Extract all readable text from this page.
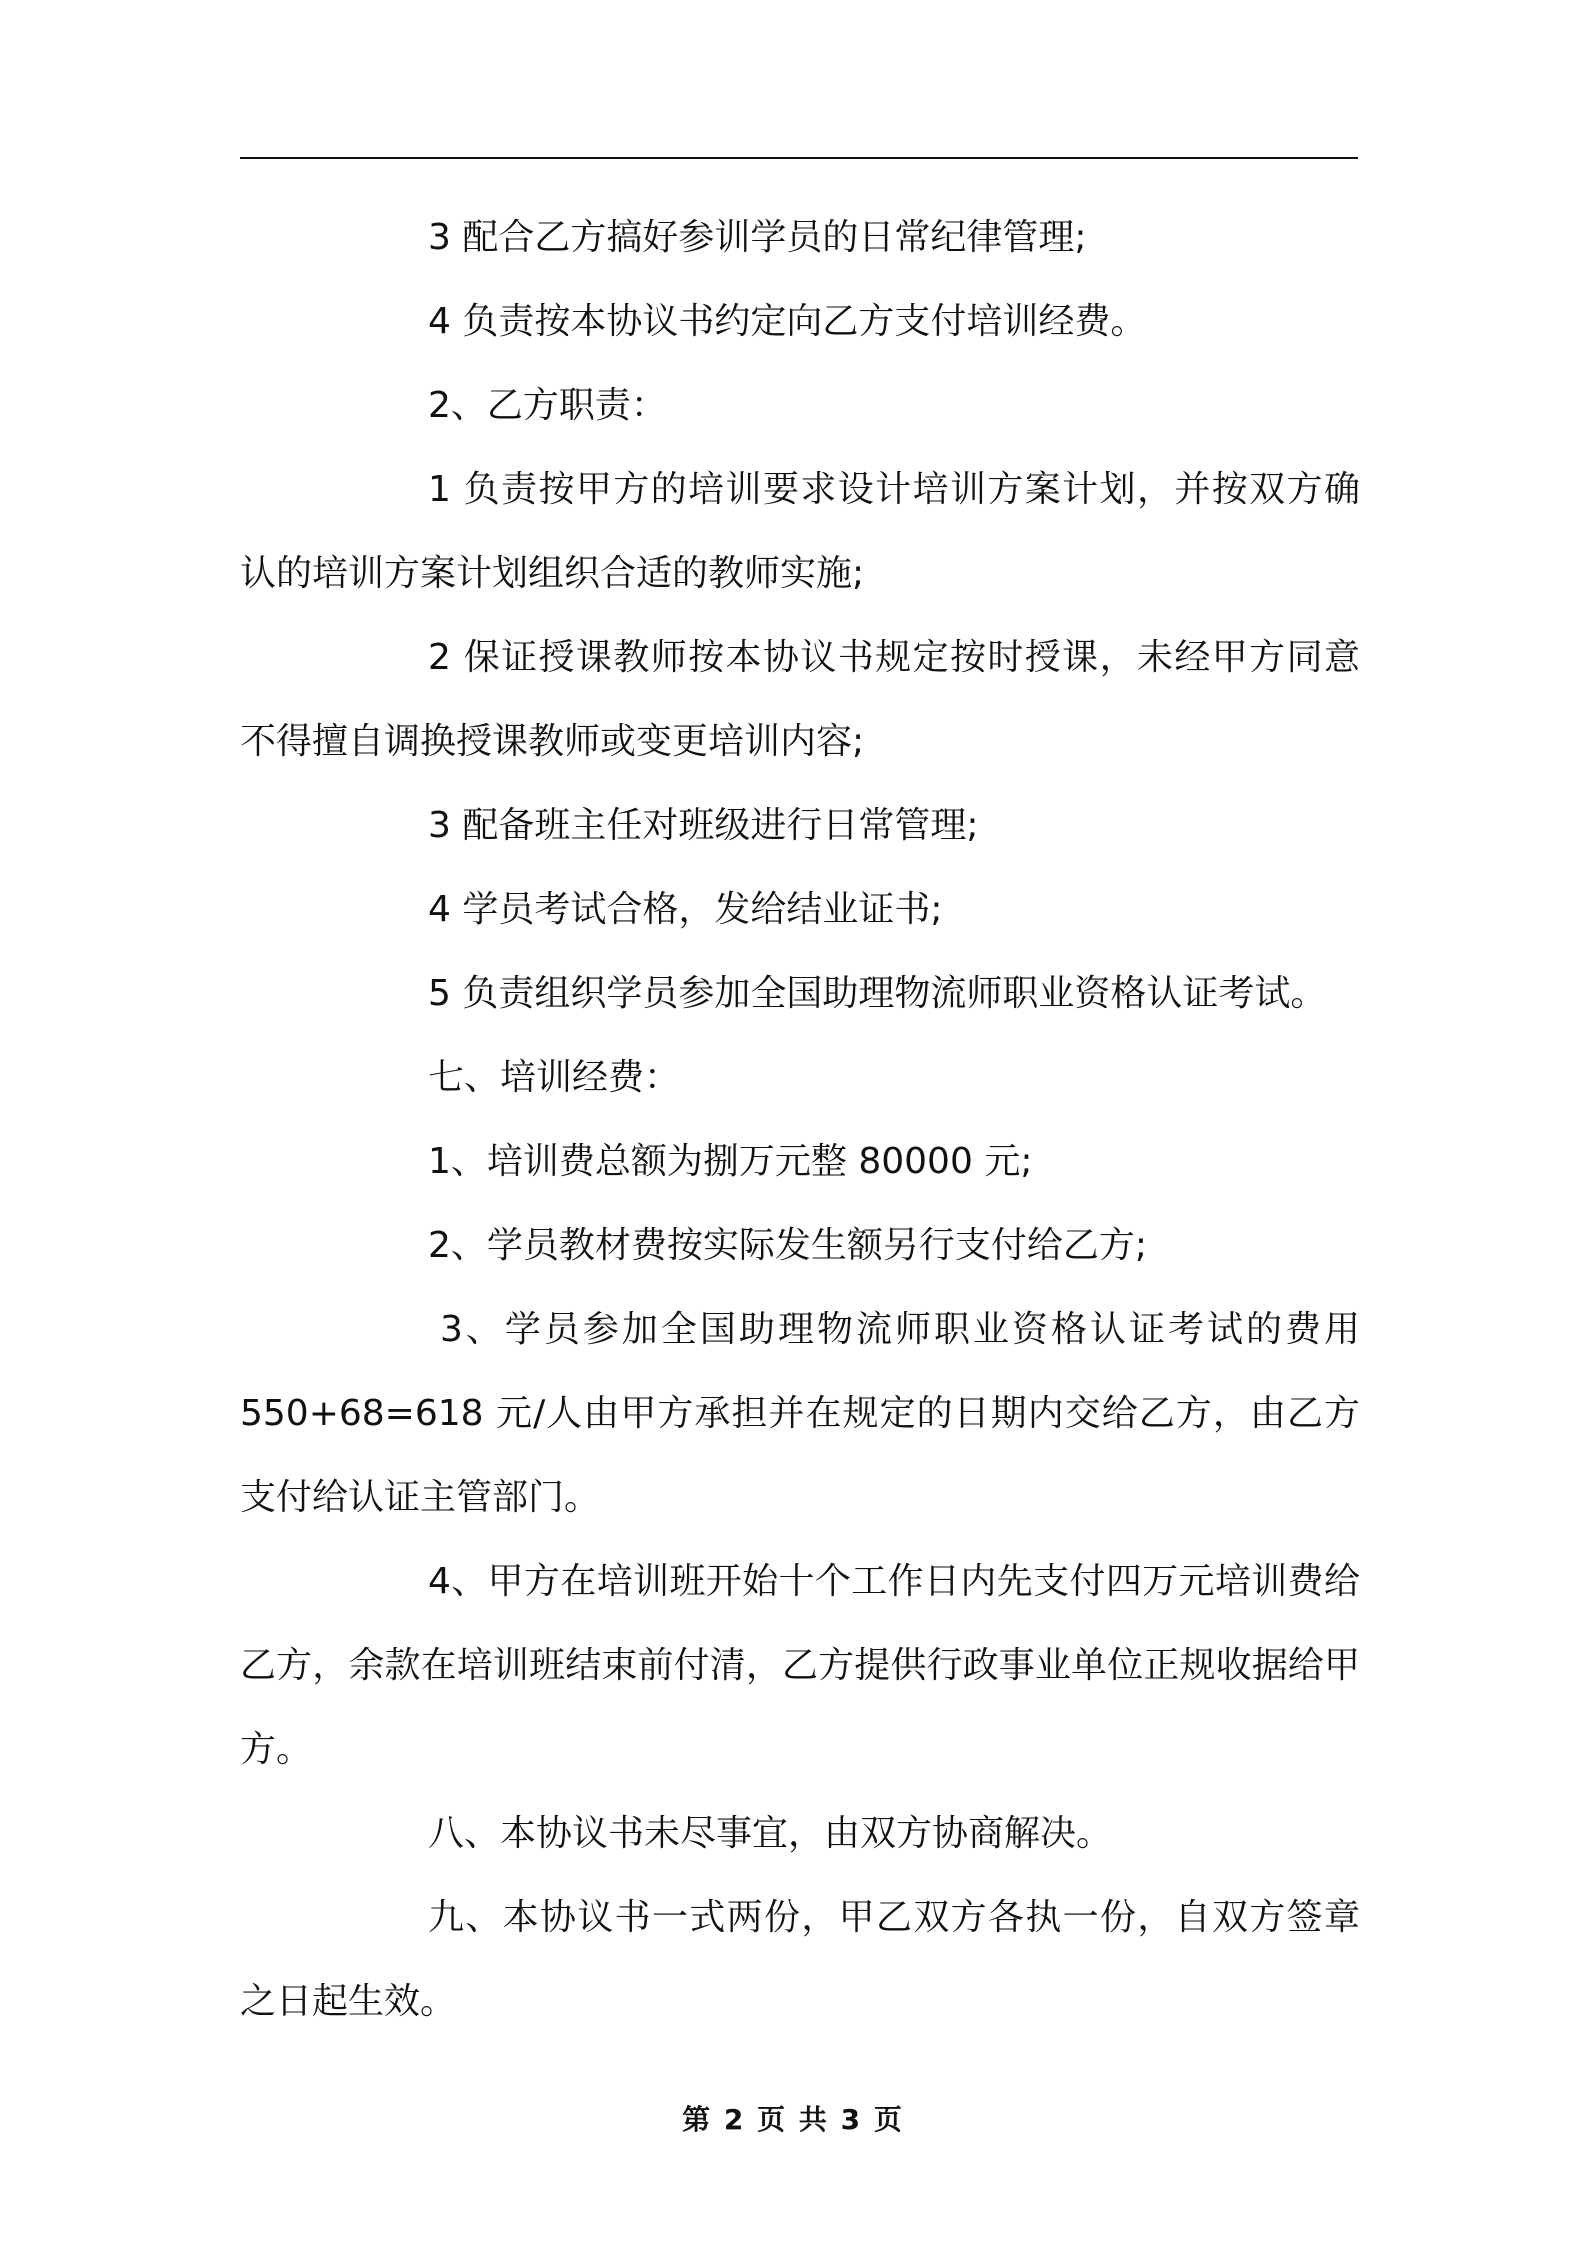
3 配合乙方搞好参训学员的日常纪律管理;

4 负责按本协议书约定向乙方支付培训经费。

2、乙方职责：

1 负责按甲方的培训要求设计培训方案计划，并按双方确认的培训方案计划组织合适的教师实施;

2 保证授课教师按本协议书规定按时授课，未经甲方同意不得擅自调换授课教师或变更培训内容;

3 配备班主任对班级进行日常管理;

4 学员考试合格，发给结业证书;

5 负责组织学员参加全国助理物流师职业资格认证考试。

七、培训经费：

1、培训费总额为捌万元整 80000 元;

2、学员教材费按实际发生额另行支付给乙方;

3、学员参加全国助理物流师职业资格认证考试的费用 550+68=618 元/人由甲方承担并在规定的日期内交给乙方，由乙方支付给认证主管部门。

4、甲方在培训班开始十个工作日内先支付四万元培训费给乙方，余款在培训班结束前付清，乙方提供行政事业单位正规收据给甲方。

八、本协议书未尽事宜，由双方协商解决。

九、本协议书一式两份，甲乙双方各执一份，自双方签章之日起生效。

第 2 页 共 3 页
